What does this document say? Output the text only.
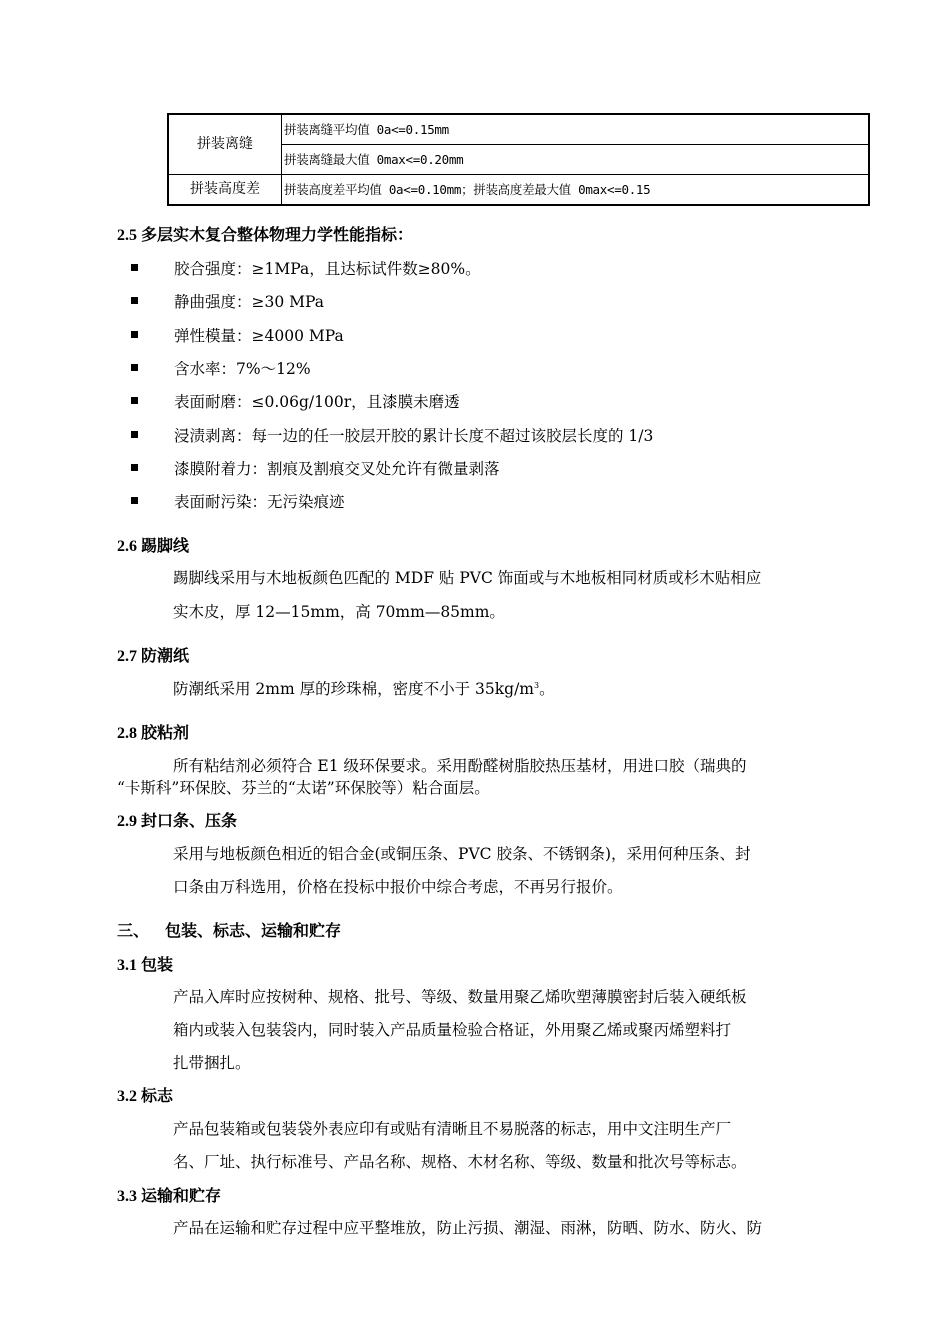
拼装离缝	拼装离缝平均值 0a<=0.15mm
	拼装离缝最大值 0max<=0.20mm
拼装高度差	拼装高度差平均值 0a<=0.10mm；拼装高度差最大值 0max<=0.15
2.5 多层实木复合整体物理力学性能指标：
胶合强度：≥1MPa，且达标试件数≥80%。
静曲强度：≥30 MPa
弹性模量：≥4000 MPa
含水率：7%～12%
表面耐磨：≤0.06g/100r，且漆膜未磨透
浸渍剥离：每一边的任一胶层开胶的累计长度不超过该胶层长度的 1/3
漆膜附着力：割痕及割痕交叉处允许有微量剥落
表面耐污染：无污染痕迹
2.6 踢脚线
踢脚线采用与木地板颜色匹配的 MDF 贴 PVC 饰面或与木地板相同材质或杉木贴相应
实木皮，厚 12—15mm，高 70mm—85mm。
2.7 防潮纸
防潮纸采用 2mm 厚的珍珠棉，密度不小于 $35kg/m^3$。
2.8 胶粘剂
所有粘结剂必须符合 E1 级环保要求。采用酚醛树脂胶热压基材，用进口胶（瑞典的
“卡斯科”环保胶、芬兰的“太诺”环保胶等）粘合面层。
2.9 封口条、压条
采用与地板颜色相近的铝合金(或铜压条、PVC 胶条、不锈钢条)，采用何种压条、封
口条由万科选用，价格在投标中报价中综合考虑，不再另行报价。
三、    包装、标志、运输和贮存
3.1 包装
产品入库时应按树种、规格、批号、等级、数量用聚乙烯吹塑薄膜密封后装入硬纸板
箱内或装入包装袋内，同时装入产品质量检验合格证，外用聚乙烯或聚丙烯塑料打
扎带捆扎。
3.2 标志
产品包装箱或包装袋外表应印有或贴有清晰且不易脱落的标志，用中文注明生产厂
名、厂址、执行标准号、产品名称、规格、木材名称、等级、数量和批次号等标志。
3.3 运输和贮存
产品在运输和贮存过程中应平整堆放，防止污损、潮湿、雨淋，防晒、防水、防火、防
